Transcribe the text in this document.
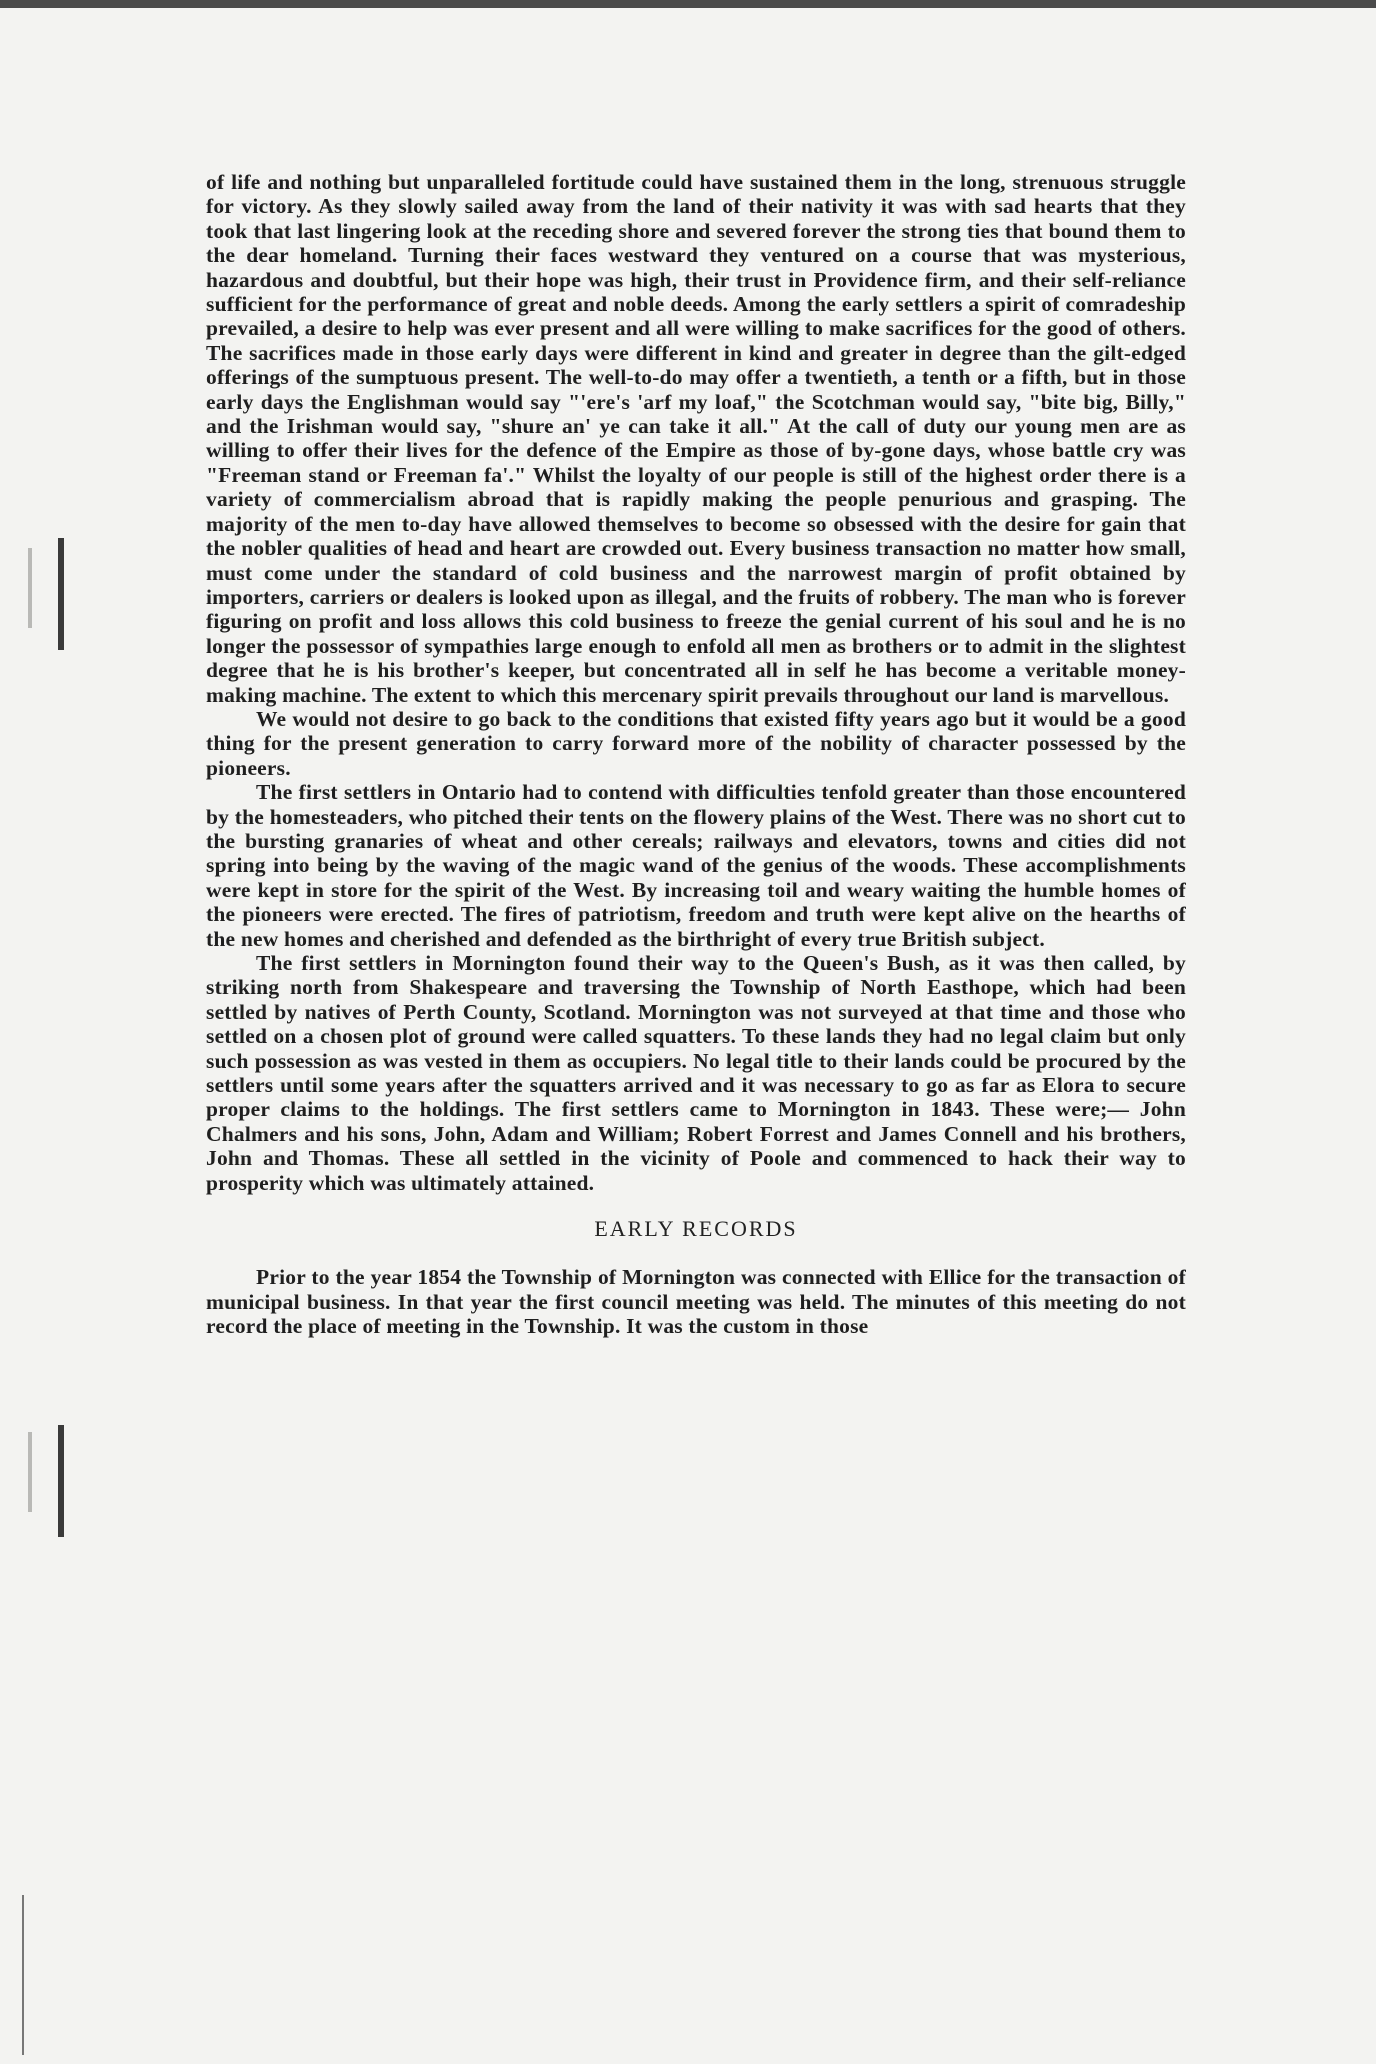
of life and nothing but unparalleled fortitude could have sustained them in the long, strenuous struggle for victory. As they slowly sailed away from the land of their nativity it was with sad hearts that they took that last lingering look at the receding shore and severed forever the strong ties that bound them to the dear homeland. Turning their faces westward they ventured on a course that was mysterious, hazardous and doubtful, but their hope was high, their trust in Providence firm, and their self-reliance sufficient for the performance of great and noble deeds. Among the early settlers a spirit of comradeship prevailed, a desire to help was ever present and all were willing to make sacrifices for the good of others. The sacrifices made in those early days were different in kind and greater in degree than the gilt-edged offerings of the sumptuous present. The well-to-do may offer a twentieth, a tenth or a fifth, but in those early days the Englishman would say "'ere's 'arf my loaf," the Scotchman would say, "bite big, Billy," and the Irishman would say, "shure an' ye can take it all." At the call of duty our young men are as willing to offer their lives for the defence of the Empire as those of by-gone days, whose battle cry was "Freeman stand or Freeman fa'." Whilst the loyalty of our people is still of the highest order there is a variety of commercialism abroad that is rapidly making the people penurious and grasping. The majority of the men to-day have allowed themselves to become so obsessed with the desire for gain that the nobler qualities of head and heart are crowded out. Every business transaction no matter how small, must come under the standard of cold business and the narrowest margin of profit obtained by importers, carriers or dealers is looked upon as illegal, and the fruits of robbery. The man who is forever figuring on profit and loss allows this cold business to freeze the genial current of his soul and he is no longer the possessor of sympathies large enough to enfold all men as brothers or to admit in the slightest degree that he is his brother's keeper, but concentrated all in self he has become a veritable money-making machine. The extent to which this mercenary spirit prevails throughout our land is marvellous.

We would not desire to go back to the conditions that existed fifty years ago but it would be a good thing for the present generation to carry forward more of the nobility of character possessed by the pioneers.

The first settlers in Ontario had to contend with difficulties tenfold greater than those encountered by the homesteaders, who pitched their tents on the flowery plains of the West. There was no short cut to the bursting granaries of wheat and other cereals; railways and elevators, towns and cities did not spring into being by the waving of the magic wand of the genius of the woods. These accomplishments were kept in store for the spirit of the West. By increasing toil and weary waiting the humble homes of the pioneers were erected. The fires of patriotism, freedom and truth were kept alive on the hearths of the new homes and cherished and defended as the birthright of every true British subject.

The first settlers in Mornington found their way to the Queen's Bush, as it was then called, by striking north from Shakespeare and traversing the Township of North Easthope, which had been settled by natives of Perth County, Scotland. Mornington was not surveyed at that time and those who settled on a chosen plot of ground were called squatters. To these lands they had no legal claim but only such possession as was vested in them as occupiers. No legal title to their lands could be procured by the settlers until some years after the squatters arrived and it was necessary to go as far as Elora to secure proper claims to the holdings. The first settlers came to Mornington in 1843. These were;— John Chalmers and his sons, John, Adam and William; Robert Forrest and James Connell and his brothers, John and Thomas. These all settled in the vicinity of Poole and commenced to hack their way to prosperity which was ultimately attained.

EARLY RECORDS

Prior to the year 1854 the Township of Mornington was connected with Ellice for the transaction of municipal business. In that year the first council meeting was held. The minutes of this meeting do not record the place of meeting in the Township. It was the custom in those
